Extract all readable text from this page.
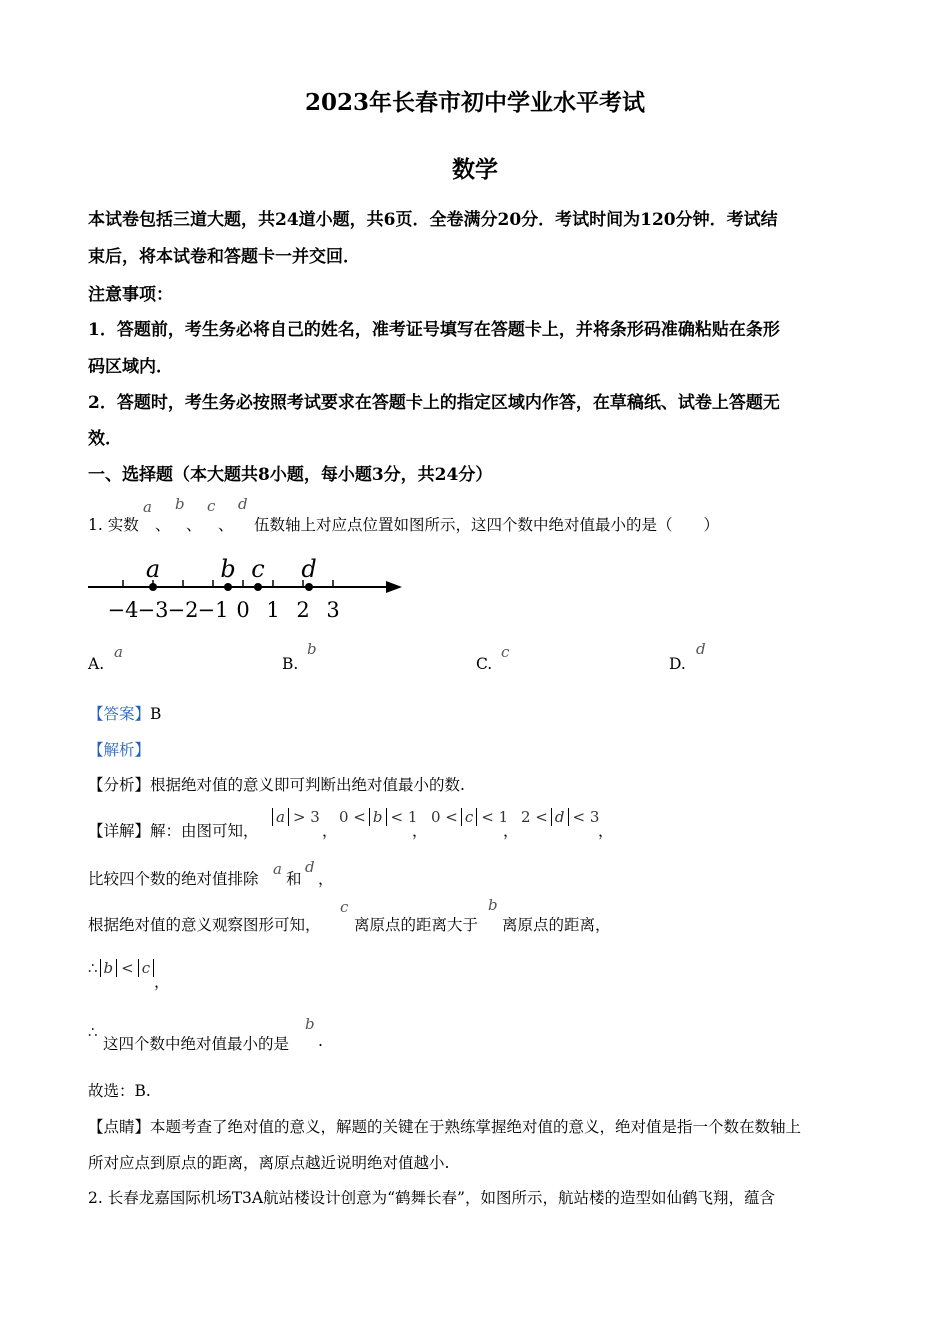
2023年长春市初中学业水平考试
数学
本试卷包括三道大题，共24道小题，共6页．全卷满分20分．考试时间为120分钟．考试结
束后，将本试卷和答题卡一并交回．
注意事项：
1．答题前，考生务必将自己的姓名，准考证号填写在答题卡上，并将条形码准确粘贴在条形
码区域内．
2．答题时，考生务必按照考试要求在答题卡上的指定区域内作答，在草稿纸、试卷上答题无
效．
一、选择题（本大题共8小题，每小题3分，共24分）
1. 实数
a
、
b
、
c
、
d
伍数轴上对应点位置如图所示，这四个数中绝对值最小的是（　　）
−4 −3 −2 −1 0 1 2 3
a	b c d
A.
a
B.
b
C.
c
D.
d
【答案】B
【解析】
【分析】根据绝对值的意义即可判断出绝对值最小的数.
【详解】解：由图可知，
a > 3
，
0 < b < 1
，
0 < c < 1
，
2 < d < 3
，
比较四个数的绝对值排除
a
和
d
，
根据绝对值的意义观察图形可知，
c
离原点的距离大于
b
离原点的距离，
∴ b < c
，
∴
这四个数中绝对值最小的是
b
.
故选：B.
【点睛】本题考查了绝对值的意义，解题的关键在于熟练掌握绝对值的意义，绝对值是指一个数在数轴上
所对应点到原点的距离，离原点越近说明绝对值越小.
2. 长春龙嘉国际机场T3A航站楼设计创意为“鹤舞长春”，如图所示，航站楼的造型如仙鹤飞翔，蕴含
